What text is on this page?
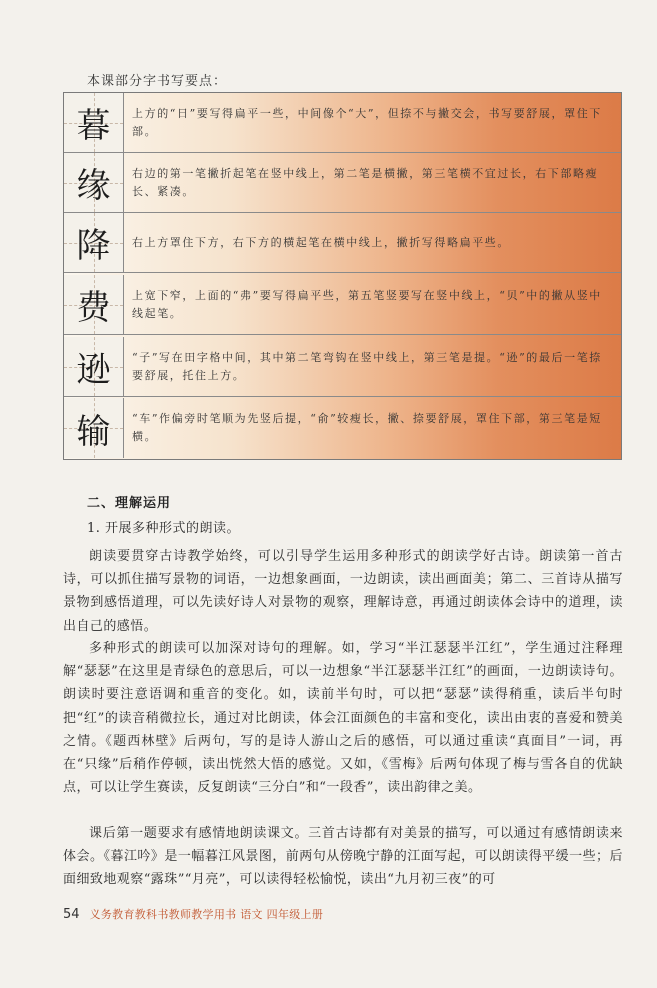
本课部分字书写要点：
暮 上方的“日”要写得扁平一些，中间像个“大”，但捺不与撇交会，书写要舒展，罩住下部。
缘 右边的第一笔撇折起笔在竖中线上，第二笔是横撇，第三笔横不宜过长，右下部略瘦长、紧凑。
降 右上方罩住下方，右下方的横起笔在横中线上，撇折写得略扁平些。
费 上宽下窄，上面的“弗”要写得扁平些，第五笔竖要写在竖中线上，“贝”中的撇从竖中线起笔。
逊 “子”写在田字格中间，其中第二笔弯钩在竖中线上，第三笔是提。“逊”的最后一笔捺要舒展，托住上方。
输 “车”作偏旁时笔顺为先竖后提，“俞”较瘦长，撇、捺要舒展，罩住下部，第三笔是短横。
二、理解运用
1. 开展多种形式的朗读。

朗读要贯穿古诗教学始终，可以引导学生运用多种形式的朗读学好古诗。朗读第一首古诗，可以抓住描写景物的词语，一边想象画面，一边朗读，读出画面美；第二、三首诗从描写景物到感悟道理，可以先读好诗人对景物的观察，理解诗意，再通过朗读体会诗中的道理，读出自己的感悟。

多种形式的朗读可以加深对诗句的理解。如，学习“半江瑟瑟半江红”，学生通过注释理解“瑟瑟”在这里是青绿色的意思后，可以一边想象“半江瑟瑟半江红”的画面，一边朗读诗句。朗读时要注意语调和重音的变化。如，读前半句时，可以把“瑟瑟”读得稍重，读后半句时把“红”的读音稍微拉长，通过对比朗读，体会江面颜色的丰富和变化，读出由衷的喜爱和赞美之情。《题西林壁》后两句，写的是诗人游山之后的感悟，可以通过重读“真面目”一词，再在“只缘”后稍作停顿，读出恍然大悟的感觉。又如，《雪梅》后两句体现了梅与雪各自的优缺点，可以让学生赛读，反复朗读“三分白”和“一段香”，读出韵律之美。

课后第一题要求有感情地朗读课文。三首古诗都有对美景的描写，可以通过有感情朗读来体会。《暮江吟》是一幅暮江风景图，前两句从傍晚宁静的江面写起，可以朗读得平缓一些；后面细致地观察“露珠”“月亮”，可以读得轻松愉悦，读出“九月初三夜”的可

54 义务教育教科书教师教学用书 语文 四年级上册
